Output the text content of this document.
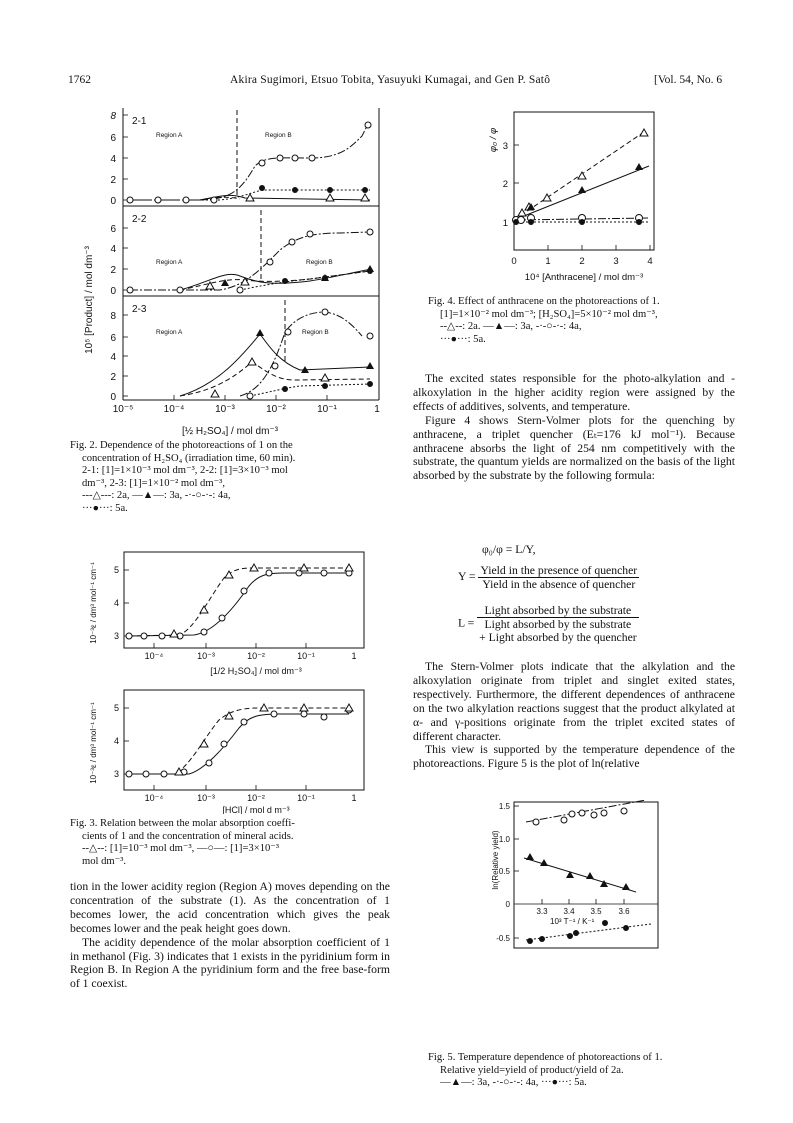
1762	Akira Sugimori, Etsuo Tobita, Yasuyuki Kumagai, and Gen P. Satô	[Vol. 54, No. 6
8
6
4
2
0
6
4
2
0
8
6
4
2
0
10⁻⁵	10⁻⁴	10⁻³	10⁻²	10⁻¹	1
2-1
2-2
2-3
[½ H₂SO₄] / mol dm⁻³
10⁵ [Product] / mol dm⁻³
Region A	Region B
Region A	Region B
Region A	Region B
Fig. 2. Dependence of the photoreactions of 1 on the
concentration of H₂SO₄ (irradiation time, 60 min).
2-1: [1]=1×10⁻³ mol dm⁻³, 2-2: [1]=3×10⁻³ mol
dm⁻³, 2-3: [1]=1×10⁻² mol dm⁻³,
---△---: 2a, —▲—: 3a, -·-○-·-: 4a,
···●···: 5a.
5
4
3
5
4
3
10⁻⁴	10⁻³	10⁻²	10⁻¹	1
10⁻⁴	10⁻³	10⁻²	10⁻¹	1
[1/2 H₂SO₄] / mol dm⁻³
[HCl] / mol d m⁻³
10⁻³ε / dm³ mol⁻¹ cm⁻¹
10⁻³ε / dm³ mol⁻¹ cm⁻¹
Fig. 3. Relation between the molar absorption coeffi-
cients of 1 and the concentration of mineral acids.
--△--: [1]=10⁻³ mol dm⁻³, —○—: [1]=3×10⁻³
mol dm⁻³.

tion in the lower acidity region (Region A) moves depending on the concentration of the substrate (1). As the concentration of 1 becomes lower, the acid concentration which gives the peak becomes lower and the peak height goes down.

The acidity dependence of the molar absorption coefficient of 1 in methanol (Fig. 3) indicates that 1 exists in the pyridinium form in Region B. In Region A the pyridinium form and the free base-form of 1 coexist.

3
2
1
0	1	2	3	4
10⁴ [Anthracene] / mol dm⁻³
φ₀ / φ
Fig. 4. Effect of anthracene on the photoreactions of 1.
[1]=1×10⁻² mol dm⁻³; [H₂SO₄]=5×10⁻² mol dm⁻³,
--△--: 2a. —▲—: 3a, -·-○-·-: 4a,
···●···: 5a.

The excited states responsible for the photo-alkylation and -alkoxylation in the higher acidity region were assigned by the effects of additives, solvents, and temperature.

Figure 4 shows Stern-Volmer plots for the quenching by anthracene, a triplet quencher (Eₜ=176 kJ mol⁻¹). Because anthracene absorbs the light of 254 nm competitively with the substrate, the quantum yields are normalized on the basis of the light absorbed by the substrate by the following formula:

φ₀/φ = L/Y,
$Y = \frac{\text{Yield in the presence of quencher}}{\text{Yield in the absence of quencher}}$
L =
Light absorbed by the substrate
Light absorbed by the substrate
+ Light absorbed by the quencher

The Stern-Volmer plots indicate that the alkylation and the alkoxylation originate from triplet and singlet exited states, respectively. Furthermore, the different dependences of anthracene on the two alkylation reactions suggest that the product alkylated at α- and γ-positions originate from the triplet excited states of different character.

This view is supported by the temperature dependence of the photoreactions. Figure 5 is the plot of ln(relative

1.5
1.0
0.5
0
-0.5
3.3 3.4 3.5 3.6
10³ T⁻¹ / K⁻¹
ln(Relative yield)
Fig. 5. Temperature dependence of photoreactions of 1.
Relative yield=yield of product/yield of 2a.
—▲—: 3a, -·-○-·-: 4a, ···●···: 5a.
